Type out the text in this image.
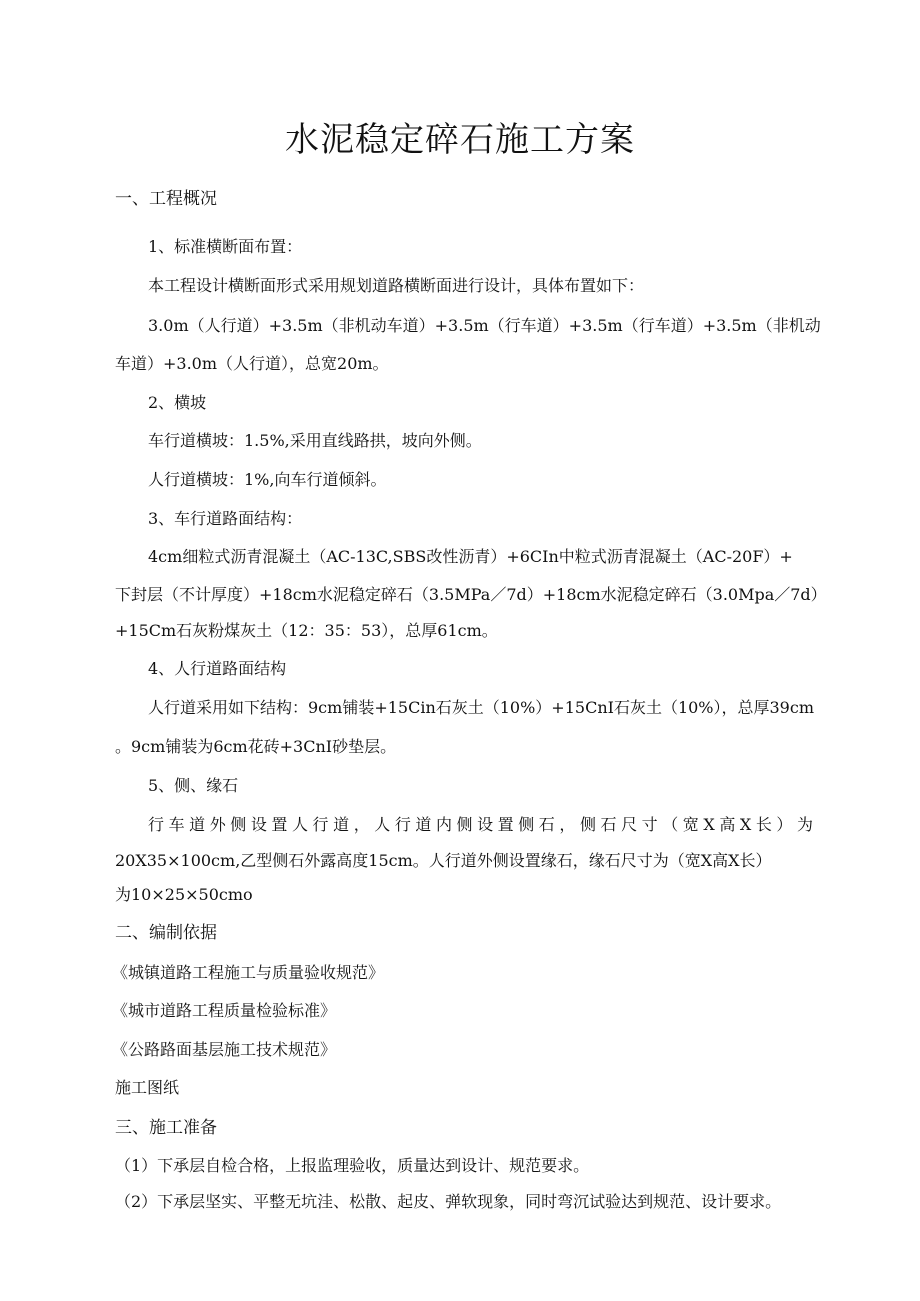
水泥稳定碎石施工方案

一、工程概况

1、标准横断面布置：

本工程设计横断面形式采用规划道路横断面进行设计，具体布置如下：

3.0m（人行道）+3.5m（非机动车道）+3.5m（行车道）+3.5m（行车道）+3.5m（非机动

车道）+3.0m（人行道），总宽20m。

2、横坡

车行道横坡：1.5%,采用直线路拱，坡向外侧。

人行道横坡：1%,向车行道倾斜。

3、车行道路面结构：

4cm细粒式沥青混凝土（AC-13C,SBS改性沥青）+6CIn中粒式沥青混凝土（AC-20F）+

下封层（不计厚度）+18cm水泥稳定碎石（3.5MPa／7d）+18cm水泥稳定碎石（3.0Mpa／7d）

+15Cm石灰粉煤灰土（12：35：53），总厚61cm。

4、人行道路面结构

人行道采用如下结构：9cm铺装+15Cin石灰土（10%）+15CnI石灰土（10%），总厚39cm

。9cm铺装为6cm花砖+3CnI砂垫层。

5、侧、缘石

行车道外侧设置人行道，人行道内侧设置侧石，侧石尺寸（宽X高X长）为

20X35×100cm,乙型侧石外露高度15cm。人行道外侧设置缘石，缘石尺寸为（宽X高X长）

为10×25×50cmo

二、编制依据

《城镇道路工程施工与质量验收规范》

《城市道路工程质量检验标准》

《公路路面基层施工技术规范》

施工图纸

三、施工准备

（1）下承层自检合格，上报监理验收，质量达到设计、规范要求。

（2）下承层坚实、平整无坑洼、松散、起皮、弹软现象，同时弯沉试验达到规范、设计要求。
